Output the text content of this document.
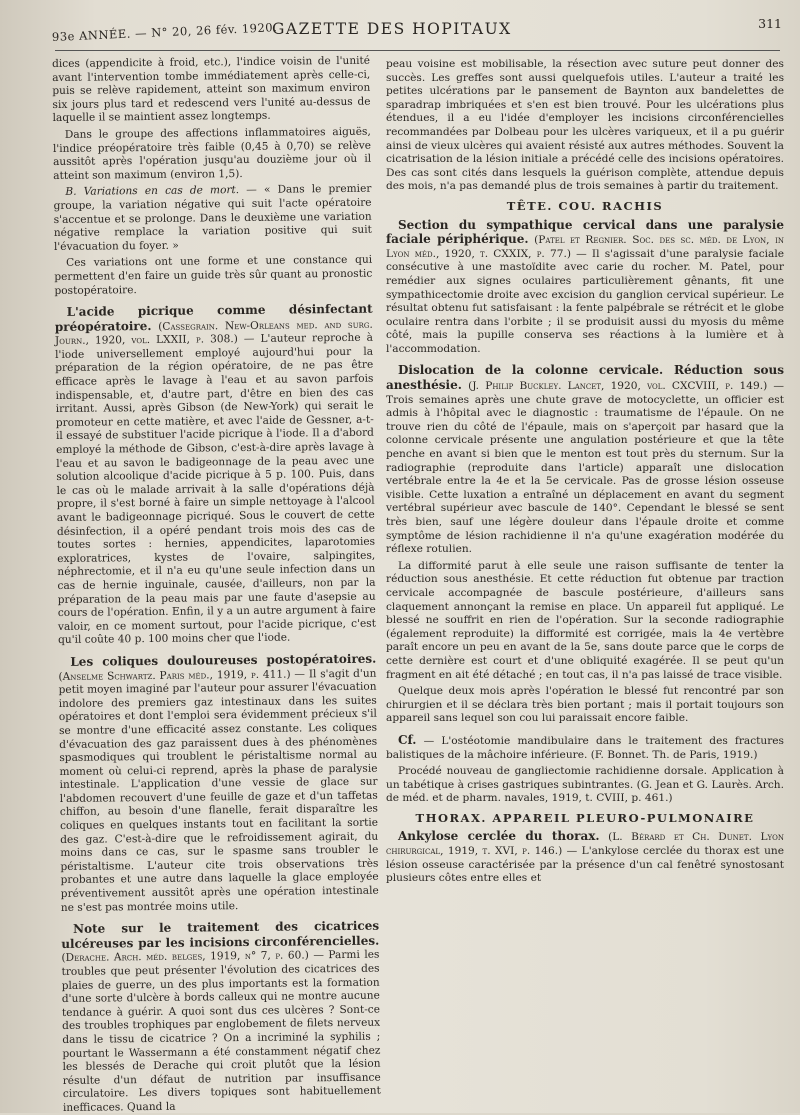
93e ANNÉE. — N° 20, 26 fév. 1920.
GAZETTE DES HOPITAUX	311

dices (appendicite à froid, etc.), l'indice voisin de l'unité avant l'intervention tombe immédiatement après celle-ci, puis se relève rapidement, atteint son maximum environ six jours plus tard et redescend vers l'unité au-dessus de laquelle il se maintient assez longtemps.

Dans le groupe des affections inflammatoires aiguës, l'indice préopératoire très faible (0,45 à 0,70) se relève aussitôt après l'opération jusqu'au douzième jour où il atteint son maximum (environ 1,5).

B. Variations en cas de mort. — « Dans le premier groupe, la variation négative qui suit l'acte opératoire s'accentue et se prolonge. Dans le deuxième une variation négative remplace la variation positive qui suit l'évacuation du foyer. »

Ces variations ont une forme et une constance qui permettent d'en faire un guide très sûr quant au pronostic postopératoire.

L'acide picrique comme désinfectant préopératoire. (Cassegrain. New-Orleans med. and surg. Journ., 1920, vol. LXXII, p. 308.) — L'auteur reproche à l'iode universellement employé aujourd'hui pour la préparation de la région opératoire, de ne pas être efficace après le lavage à l'eau et au savon parfois indispensable, et, d'autre part, d'être en bien des cas irritant. Aussi, après Gibson (de New-York) qui serait le promoteur en cette matière, et avec l'aide de Gessner, a-t-il essayé de substituer l'acide picrique à l'iode. Il a d'abord employé la méthode de Gibson, c'est-à-dire après lavage à l'eau et au savon le badigeonnage de la peau avec une solution alcoolique d'acide picrique à 5 p. 100. Puis, dans le cas où le malade arrivait à la salle d'opérations déjà propre, il s'est borné à faire un simple nettoyage à l'alcool avant le badigeonnage picriqué. Sous le couvert de cette désinfection, il a opéré pendant trois mois des cas de toutes sortes : hernies, appendicites, laparotomies exploratrices, kystes de l'ovaire, salpingites, néphrectomie, et il n'a eu qu'une seule infection dans un cas de hernie inguinale, causée, d'ailleurs, non par la préparation de la peau mais par une faute d'asepsie au cours de l'opération. Enfin, il y a un autre argument à faire valoir, en ce moment surtout, pour l'acide picrique, c'est qu'il coûte 40 p. 100 moins cher que l'iode.

Les coliques douloureuses postopératoires. (Anselme Schwartz. Paris méd., 1919, p. 411.) — Il s'agit d'un petit moyen imaginé par l'auteur pour assurer l'évacuation indolore des premiers gaz intestinaux dans les suites opératoires et dont l'emploi sera évidemment précieux s'il se montre d'une efficacité assez constante. Les coliques d'évacuation des gaz paraissent dues à des phénomènes spasmodiques qui troublent le péristaltisme normal au moment où celui-ci reprend, après la phase de paralysie intestinale. L'application d'une vessie de glace sur l'abdomen recouvert d'une feuille de gaze et d'un taffetas chiffon, au besoin d'une flanelle, ferait disparaître les coliques en quelques instants tout en facilitant la sortie des gaz. C'est-à-dire que le refroidissement agirait, du moins dans ce cas, sur le spasme sans troubler le péristaltisme. L'auteur cite trois observations très probantes et une autre dans laquelle la glace employée préventivement aussitôt après une opération intestinale ne s'est pas montrée moins utile.

Note sur le traitement des cicatrices ulcéreuses par les incisions circonférencielles. (Derache. Arch. méd. belges, 1919, n° 7, p. 60.) — Parmi les troubles que peut présenter l'évolution des cicatrices des plaies de guerre, un des plus importants est la formation d'une sorte d'ulcère à bords calleux qui ne montre aucune tendance à guérir. A quoi sont dus ces ulcères ? Sont-ce des troubles trophiques par englobement de filets nerveux dans le tissu de cicatrice ? On a incriminé la syphilis ; pourtant le Wassermann a été constamment négatif chez les blessés de Derache qui croit plutôt que la lésion résulte d'un défaut de nutrition par insuffisance circulatoire. Les divers topiques sont habituellement inefficaces. Quand la

peau voisine est mobilisable, la résection avec suture peut donner des succès. Les greffes sont aussi quelquefois utiles. L'auteur a traité les petites ulcérations par le pansement de Baynton aux bandelettes de sparadrap imbriquées et s'en est bien trouvé. Pour les ulcérations plus étendues, il a eu l'idée d'employer les incisions circonférencielles recommandées par Dolbeau pour les ulcères variqueux, et il a pu guérir ainsi de vieux ulcères qui avaient résisté aux autres méthodes. Souvent la cicatrisation de la lésion initiale a précédé celle des incisions opératoires. Des cas sont cités dans lesquels la guérison complète, attendue depuis des mois, n'a pas demandé plus de trois semaines à partir du traitement.

TÊTE. COU. RACHIS

Section du sympathique cervical dans une paralysie faciale périphérique. (Patel et Regnier. Soc. des sc. méd. de Lyon, in Lyon méd., 1920, t. CXXIX, p. 77.) — Il s'agissait d'une paralysie faciale consécutive à une mastoïdite avec carie du rocher. M. Patel, pour remédier aux signes oculaires particulièrement gênants, fit une sympathicectomie droite avec excision du ganglion cervical supérieur. Le résultat obtenu fut satisfaisant : la fente palpébrale se rétrécit et le globe oculaire rentra dans l'orbite ; il se produisit aussi du myosis du même côté, mais la pupille conserva ses réactions à la lumière et à l'accommodation.

Dislocation de la colonne cervicale. Réduction sous anesthésie. (J. Philip Buckley. Lancet, 1920, vol. CXCVIII, p. 149.) — Trois semaines après une chute grave de motocyclette, un officier est admis à l'hôpital avec le diagnostic : traumatisme de l'épaule. On ne trouve rien du côté de l'épaule, mais on s'aperçoit par hasard que la colonne cervicale présente une angulation postérieure et que la tête penche en avant si bien que le menton est tout près du sternum. Sur la radiographie (reproduite dans l'article) apparaît une dislocation vertébrale entre la 4e et la 5e cervicale. Pas de grosse lésion osseuse visible. Cette luxation a entraîné un déplacement en avant du segment vertébral supérieur avec bascule de 140°. Cependant le blessé se sent très bien, sauf une légère douleur dans l'épaule droite et comme symptôme de lésion rachidienne il n'a qu'une exagération modérée du réflexe rotulien.

La difformité parut à elle seule une raison suffisante de tenter la réduction sous anesthésie. Et cette réduction fut obtenue par traction cervicale accompagnée de bascule postérieure, d'ailleurs sans claquement annonçant la remise en place. Un appareil fut appliqué. Le blessé ne souffrit en rien de l'opération. Sur la seconde radiographie (également reproduite) la difformité est corrigée, mais la 4e vertèbre paraît encore un peu en avant de la 5e, sans doute parce que le corps de cette dernière est court et d'une obliquité exagérée. Il se peut qu'un fragment en ait été détaché ; en tout cas, il n'a pas laissé de trace visible.

Quelque deux mois après l'opération le blessé fut rencontré par son chirurgien et il se déclara très bien portant ; mais il portait toujours son appareil sans lequel son cou lui paraissait encore faible.

Cf. — L'ostéotomie mandibulaire dans le traitement des fractures balistiques de la mâchoire inférieure. (F. Bonnet. Th. de Paris, 1919.)

Procédé nouveau de gangliectomie rachidienne dorsale. Application à un tabétique à crises gastriques subintrantes. (G. Jean et G. Laurès. Arch. de méd. et de pharm. navales, 1919, t. CVIII, p. 461.)

THORAX. APPAREIL PLEURO-PULMONAIRE

Ankylose cerclée du thorax. (L. Bérard et Ch. Dunet. Lyon chirurgical, 1919, t. XVI, p. 146.) — L'ankylose cerclée du thorax est une lésion osseuse caractérisée par la présence d'un cal fenêtré synostosant plusieurs côtes entre elles et
